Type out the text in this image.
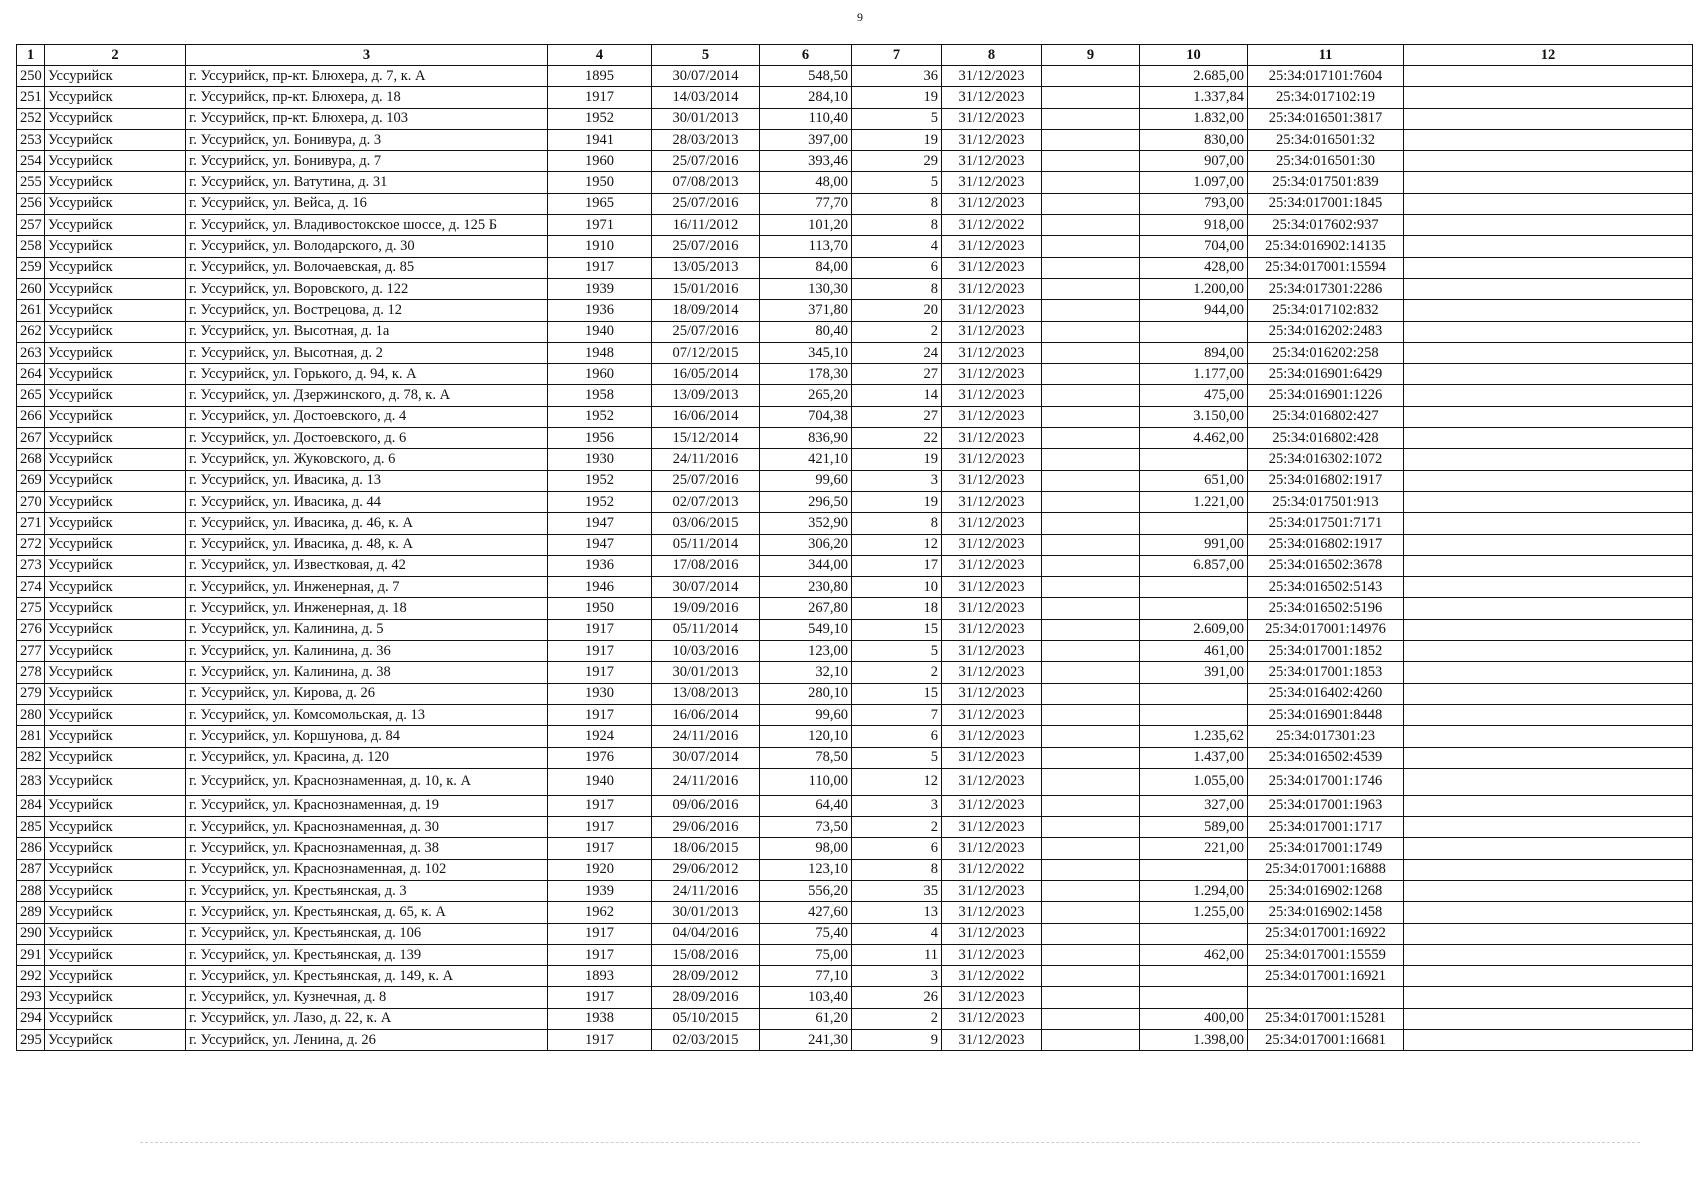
9
1	2	3	4	5	6	7	8	9	10	11	12
250	Уссурийск	г. Уссурийск, пр-кт. Блюхера, д. 7, к. А	1895	30/07/2014	548,50	36	31/12/2023		2.685,00	25:34:017101:7604	
251	Уссурийск	г. Уссурийск, пр-кт. Блюхера, д. 18	1917	14/03/2014	284,10	19	31/12/2023		1.337,84	25:34:017102:19	
252	Уссурийск	г. Уссурийск, пр-кт. Блюхера, д. 103	1952	30/01/2013	110,40	5	31/12/2023		1.832,00	25:34:016501:3817	
253	Уссурийск	г. Уссурийск, ул. Бонивура, д. 3	1941	28/03/2013	397,00	19	31/12/2023		830,00	25:34:016501:32	
254	Уссурийск	г. Уссурийск, ул. Бонивура, д. 7	1960	25/07/2016	393,46	29	31/12/2023		907,00	25:34:016501:30	
255	Уссурийск	г. Уссурийск, ул. Ватутина, д. 31	1950	07/08/2013	48,00	5	31/12/2023		1.097,00	25:34:017501:839	
256	Уссурийск	г. Уссурийск, ул. Вейса, д. 16	1965	25/07/2016	77,70	8	31/12/2023		793,00	25:34:017001:1845	
257	Уссурийск	г. Уссурийск, ул. Владивостокское шоссе, д. 125 Б	1971	16/11/2012	101,20	8	31/12/2022		918,00	25:34:017602:937	
258	Уссурийск	г. Уссурийск, ул. Володарского, д. 30	1910	25/07/2016	113,70	4	31/12/2023		704,00	25:34:016902:14135	
259	Уссурийск	г. Уссурийск, ул. Волочаевская, д. 85	1917	13/05/2013	84,00	6	31/12/2023		428,00	25:34:017001:15594	
260	Уссурийск	г. Уссурийск, ул. Воровского, д. 122	1939	15/01/2016	130,30	8	31/12/2023		1.200,00	25:34:017301:2286	
261	Уссурийск	г. Уссурийск, ул. Вострецова, д. 12	1936	18/09/2014	371,80	20	31/12/2023		944,00	25:34:017102:832	
262	Уссурийск	г. Уссурийск, ул. Высотная, д. 1а	1940	25/07/2016	80,40	2	31/12/2023			25:34:016202:2483	
263	Уссурийск	г. Уссурийск, ул. Высотная, д. 2	1948	07/12/2015	345,10	24	31/12/2023		894,00	25:34:016202:258	
264	Уссурийск	г. Уссурийск, ул. Горького, д. 94, к. А	1960	16/05/2014	178,30	27	31/12/2023		1.177,00	25:34:016901:6429	
265	Уссурийск	г. Уссурийск, ул. Дзержинского, д. 78, к. А	1958	13/09/2013	265,20	14	31/12/2023		475,00	25:34:016901:1226	
266	Уссурийск	г. Уссурийск, ул. Достоевского, д. 4	1952	16/06/2014	704,38	27	31/12/2023		3.150,00	25:34:016802:427	
267	Уссурийск	г. Уссурийск, ул. Достоевского, д. 6	1956	15/12/2014	836,90	22	31/12/2023		4.462,00	25:34:016802:428	
268	Уссурийск	г. Уссурийск, ул. Жуковского, д. 6	1930	24/11/2016	421,10	19	31/12/2023			25:34:016302:1072	
269	Уссурийск	г. Уссурийск, ул. Ивасика, д. 13	1952	25/07/2016	99,60	3	31/12/2023		651,00	25:34:016802:1917	
270	Уссурийск	г. Уссурийск, ул. Ивасика, д. 44	1952	02/07/2013	296,50	19	31/12/2023		1.221,00	25:34:017501:913	
271	Уссурийск	г. Уссурийск, ул. Ивасика, д. 46, к. А	1947	03/06/2015	352,90	8	31/12/2023			25:34:017501:7171	
272	Уссурийск	г. Уссурийск, ул. Ивасика, д. 48, к. А	1947	05/11/2014	306,20	12	31/12/2023		991,00	25:34:016802:1917	
273	Уссурийск	г. Уссурийск, ул. Известковая, д. 42	1936	17/08/2016	344,00	17	31/12/2023		6.857,00	25:34:016502:3678	
274	Уссурийск	г. Уссурийск, ул. Инженерная, д. 7	1946	30/07/2014	230,80	10	31/12/2023			25:34:016502:5143	
275	Уссурийск	г. Уссурийск, ул. Инженерная, д. 18	1950	19/09/2016	267,80	18	31/12/2023			25:34:016502:5196	
276	Уссурийск	г. Уссурийск, ул. Калинина, д. 5	1917	05/11/2014	549,10	15	31/12/2023		2.609,00	25:34:017001:14976	
277	Уссурийск	г. Уссурийск, ул. Калинина, д. 36	1917	10/03/2016	123,00	5	31/12/2023		461,00	25:34:017001:1852	
278	Уссурийск	г. Уссурийск, ул. Калинина, д. 38	1917	30/01/2013	32,10	2	31/12/2023		391,00	25:34:017001:1853	
279	Уссурийск	г. Уссурийск, ул. Кирова, д. 26	1930	13/08/2013	280,10	15	31/12/2023			25:34:016402:4260	
280	Уссурийск	г. Уссурийск, ул. Комсомольская, д. 13	1917	16/06/2014	99,60	7	31/12/2023			25:34:016901:8448	
281	Уссурийск	г. Уссурийск, ул. Коршунова, д. 84	1924	24/11/2016	120,10	6	31/12/2023		1.235,62	25:34:017301:23	
282	Уссурийск	г. Уссурийск, ул. Красина, д. 120	1976	30/07/2014	78,50	5	31/12/2023		1.437,00	25:34:016502:4539	
283	Уссурийск	г. Уссурийск, ул. Краснознаменная, д. 10, к. А	1940	24/11/2016	110,00	12	31/12/2023		1.055,00	25:34:017001:1746	
284	Уссурийск	г. Уссурийск, ул. Краснознаменная, д. 19	1917	09/06/2016	64,40	3	31/12/2023		327,00	25:34:017001:1963	
285	Уссурийск	г. Уссурийск, ул. Краснознаменная, д. 30	1917	29/06/2016	73,50	2	31/12/2023		589,00	25:34:017001:1717	
286	Уссурийск	г. Уссурийск, ул. Краснознаменная, д. 38	1917	18/06/2015	98,00	6	31/12/2023		221,00	25:34:017001:1749	
287	Уссурийск	г. Уссурийск, ул. Краснознаменная, д. 102	1920	29/06/2012	123,10	8	31/12/2022			25:34:017001:16888	
288	Уссурийск	г. Уссурийск, ул. Крестьянская, д. 3	1939	24/11/2016	556,20	35	31/12/2023		1.294,00	25:34:016902:1268	
289	Уссурийск	г. Уссурийск, ул. Крестьянская, д. 65, к. А	1962	30/01/2013	427,60	13	31/12/2023		1.255,00	25:34:016902:1458	
290	Уссурийск	г. Уссурийск, ул. Крестьянская, д. 106	1917	04/04/2016	75,40	4	31/12/2023			25:34:017001:16922	
291	Уссурийск	г. Уссурийск, ул. Крестьянская, д. 139	1917	15/08/2016	75,00	11	31/12/2023		462,00	25:34:017001:15559	
292	Уссурийск	г. Уссурийск, ул. Крестьянская, д. 149, к. А	1893	28/09/2012	77,10	3	31/12/2022			25:34:017001:16921	
293	Уссурийск	г. Уссурийск, ул. Кузнечная, д. 8	1917	28/09/2016	103,40	26	31/12/2023				
294	Уссурийск	г. Уссурийск, ул. Лазо, д. 22, к. А	1938	05/10/2015	61,20	2	31/12/2023		400,00	25:34:017001:15281	
295	Уссурийск	г. Уссурийск, ул. Ленина, д. 26	1917	02/03/2015	241,30	9	31/12/2023		1.398,00	25:34:017001:16681	
